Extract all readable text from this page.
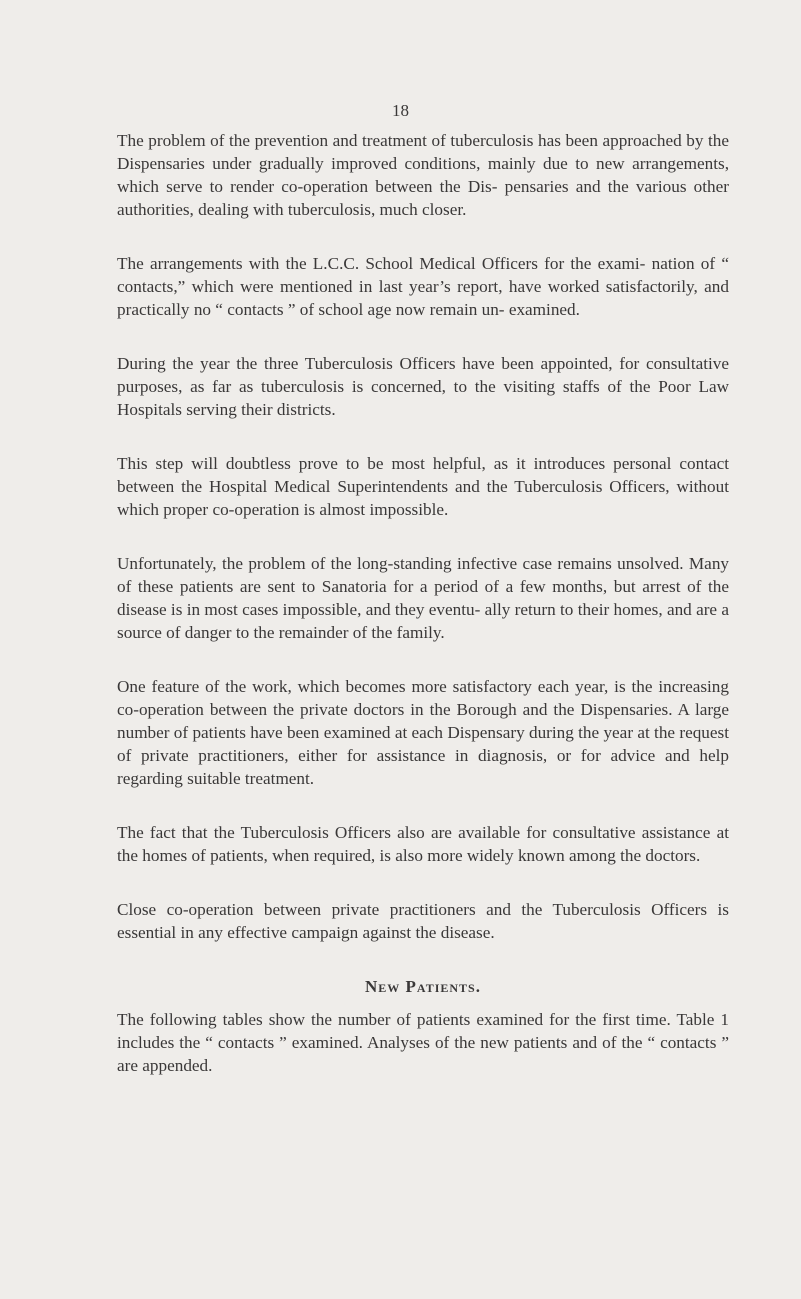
18

The problem of the prevention and treatment of tuberculosis has been approached by the Dispensaries under gradually improved conditions, mainly due to new arrangements, which serve to render co-operation between the Dis- pensaries and the various other authorities, dealing with tuberculosis, much closer.

The arrangements with the L.C.C. School Medical Officers for the exami- nation of “ contacts,” which were mentioned in last year’s report, have worked satisfactorily, and practically no “ contacts ” of school age now remain un- examined.

During the year the three Tuberculosis Officers have been appointed, for consultative purposes, as far as tuberculosis is concerned, to the visiting staffs of the Poor Law Hospitals serving their districts.

This step will doubtless prove to be most helpful, as it introduces personal contact between the Hospital Medical Superintendents and the Tuberculosis Officers, without which proper co-operation is almost impossible.

Unfortunately, the problem of the long-standing infective case remains unsolved. Many of these patients are sent to Sanatoria for a period of a few months, but arrest of the disease is in most cases impossible, and they eventu- ally return to their homes, and are a source of danger to the remainder of the family.

One feature of the work, which becomes more satisfactory each year, is the increasing co-operation between the private doctors in the Borough and the Dispensaries. A large number of patients have been examined at each Dispensary during the year at the request of private practitioners, either for assistance in diagnosis, or for advice and help regarding suitable treatment.

The fact that the Tuberculosis Officers also are available for consultative assistance at the homes of patients, when required, is also more widely known among the doctors.

Close co-operation between private practitioners and the Tuberculosis Officers is essential in any effective campaign against the disease.

New Patients.

The following tables show the number of patients examined for the first time. Table 1 includes the “ contacts ” examined. Analyses of the new patients and of the “ contacts ” are appended.
